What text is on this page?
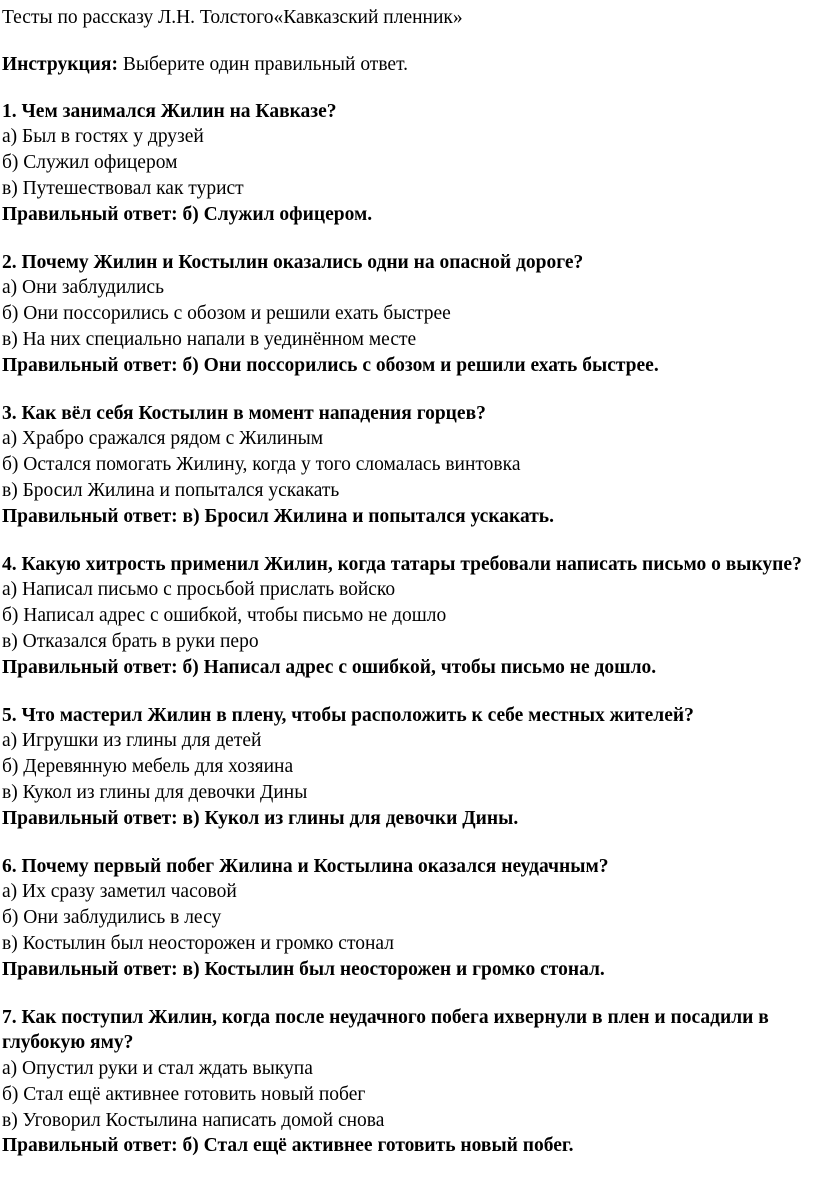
Тесты по рассказу Л.Н. Толстого«Кавказский пленник»
Инструкция: Выберите один правильный ответ.
1. Чем занимался Жилин на Кавказе?
а) Был в гостях у друзей
б) Служил офицером
в) Путешествовал как турист
Правильный ответ: б) Служил офицером.
2. Почему Жилин и Костылин оказались одни на опасной дороге?
а) Они заблудились
б) Они поссорились с обозом и решили ехать быстрее
в) На них специально напали в уединённом месте
Правильный ответ: б) Они поссорились с обозом и решили ехать быстрее.
3. Как вёл себя Костылин в момент нападения горцев?
а) Храбро сражался рядом с Жилиным
б) Остался помогать Жилину, когда у того сломалась винтовка
в) Бросил Жилина и попытался ускакать
Правильный ответ: в) Бросил Жилина и попытался ускакать.
4. Какую хитрость применил Жилин, когда татары требовали написать письмо о выкупе?
а) Написал письмо с просьбой прислать войско
б) Написал адрес с ошибкой, чтобы письмо не дошло
в) Отказался брать в руки перо
Правильный ответ: б) Написал адрес с ошибкой, чтобы письмо не дошло.
5. Что мастерил Жилин в плену, чтобы расположить к себе местных жителей?
а) Игрушки из глины для детей
б) Деревянную мебель для хозяина
в) Кукол из глины для девочки Дины
Правильный ответ: в) Кукол из глины для девочки Дины.
6. Почему первый побег Жилина и Костылина оказался неудачным?
а) Их сразу заметил часовой
б) Они заблудились в лесу
в) Костылин был неосторожен и громко стонал
Правильный ответ: в) Костылин был неосторожен и громко стонал.
7. Как поступил Жилин, когда после неудачного побега ихвернули в плен и посадили в глубокую яму?
а) Опустил руки и стал ждать выкупа
б) Стал ещё активнее готовить новый побег
в) Уговорил Костылина написать домой снова
Правильный ответ: б) Стал ещё активнее готовить новый побег.
